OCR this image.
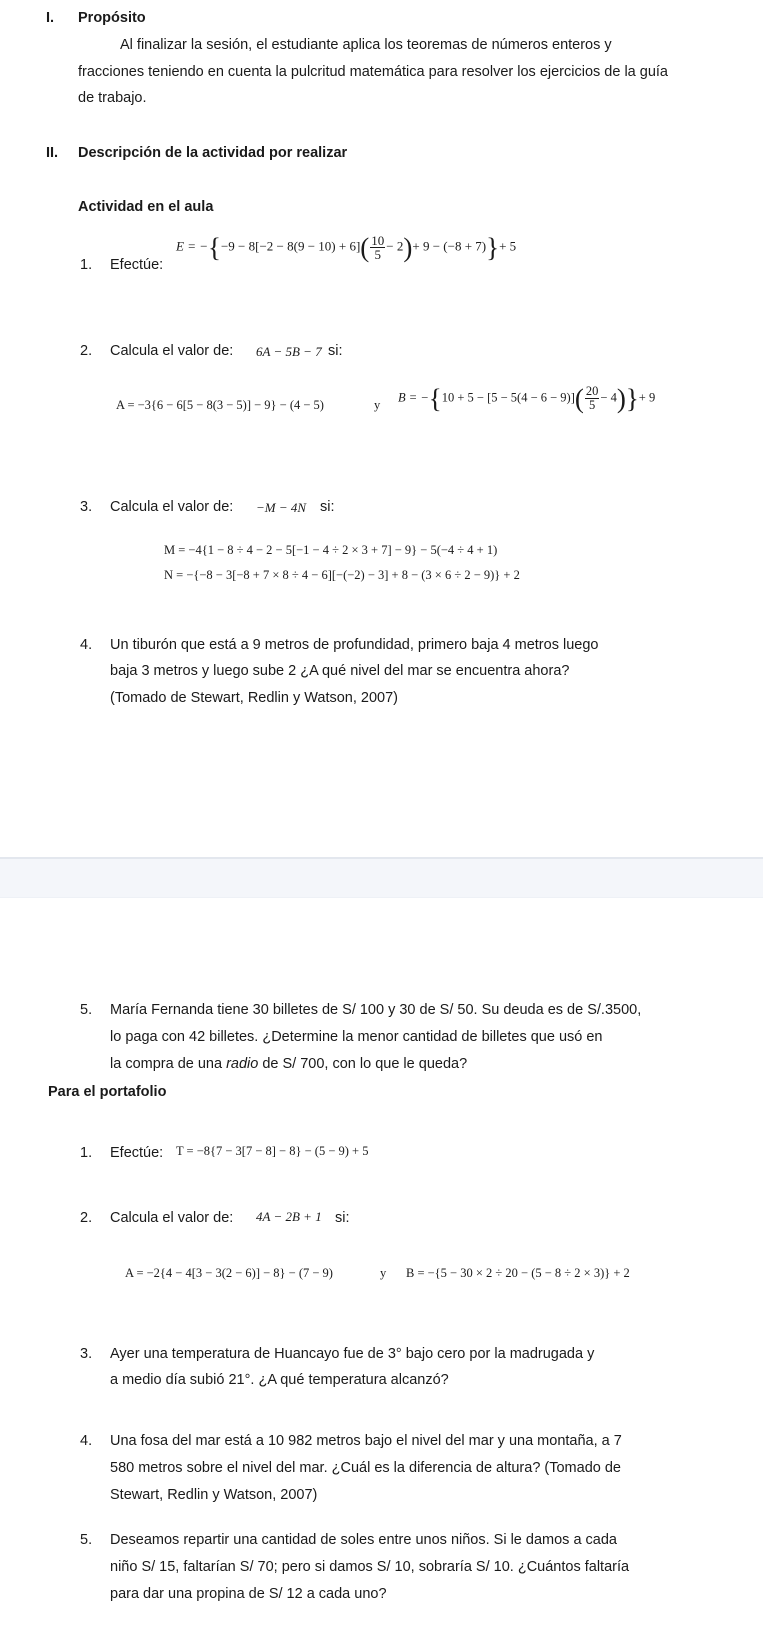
I. Propósito
Al finalizar la sesión, el estudiante aplica los teoremas de números enteros y fracciones teniendo en cuenta la pulcritud matemática para resolver los ejercicios de la guía de trabajo.
II. Descripción de la actividad por realizar
Actividad en el aula
1. Efectúe:
$E = -\{-9 - 8[-2 - 8(9 - 10) + 6]( \frac{10}{5} - 2)+ 9 - (-8 + 7)\}+ 5$
2. Calcula el valor de: 6A − 5B − 7 si:
A = −3{6 − 6[5 − 8(3 − 5)] − 9} − (4 − 5)	y
$B = -\{10 + 5 - [5 - 5(4 - 6 - 9)]( \frac{20}{5} - 4)\}+ 9$
3. Calcula el valor de: −M − 4N si:
M = −4{1 − 8 ÷ 4 − 2 − 5[−1 − 4 ÷ 2 × 3 + 7] − 9} − 5(−4 ÷ 4 + 1)
N = −{−8 − 3[−8 + 7 × 8 ÷ 4 − 6][−(−2) − 3] + 8 − (3 × 6 ÷ 2 − 9)} + 2
4. Un tiburón que está a 9 metros de profundidad, primero baja 4 metros luego
baja 3 metros y luego sube 2 ¿A qué nivel del mar se encuentra ahora?
(Tomado de Stewart, Redlin y Watson, 2007)
5. María Fernanda tiene 30 billetes de S/ 100 y 30 de S/ 50. Su deuda es de S/.3500,
lo paga con 42 billetes. ¿Determine la menor cantidad de billetes que usó en
la compra de una radio de S/ 700, con lo que le queda?
Para el portafolio
1. Efectúe: T = −8{7 − 3[7 − 8] − 8} − (5 − 9) + 5
2. Calcula el valor de: 4A − 2B + 1 si:
A = −2{4 − 4[3 − 3(2 − 6)] − 8} − (7 − 9)	y B = −{5 − 30 × 2 ÷ 20 − (5 − 8 ÷ 2 × 3)} + 2
3. Ayer una temperatura de Huancayo fue de 3° bajo cero por la madrugada y
a medio día subió 21°. ¿A qué temperatura alcanzó?
4. Una fosa del mar está a 10 982 metros bajo el nivel del mar y una montaña, a 7
580 metros sobre el nivel del mar. ¿Cuál es la diferencia de altura? (Tomado de
Stewart, Redlin y Watson, 2007)
5. Deseamos repartir una cantidad de soles entre unos niños. Si le damos a cada
niño S/ 15, faltarían S/ 70; pero si damos S/ 10, sobraría S/ 10. ¿Cuántos faltaría
para dar una propina de S/ 12 a cada uno?
